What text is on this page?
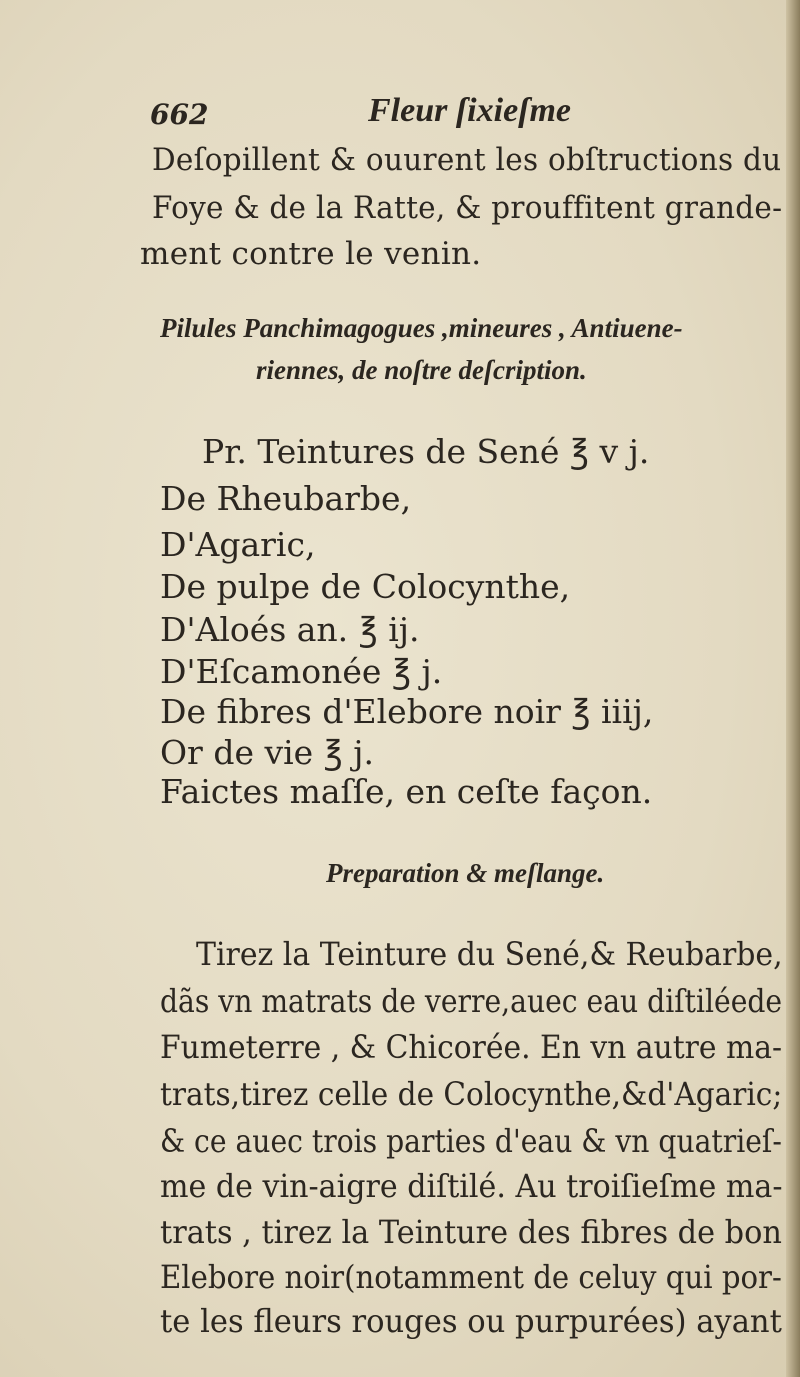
662	Fleur ſixieſme
Deſopillent & ouurent les obſtructions du
Foye & de la Ratte, & prouffitent grande-
ment contre le venin.
Pilules Panchimagogues ,mineures , Antiuene-
riennes, de noſtre deſcription.
Pr. Teintures de Sené ℥ v j.
De Rheubarbe,
D'Agaric,
De pulpe de Colocynthe,
D'Aloés an. ℥ ij.
D'Eſcamonée ℥ j.
De fibres d'Elebore noir ℥ iiij,
Or de vie ℥ j.
Faictes maſſe, en ceſte façon.
Preparation & meſlange.
Tirez la Teinture du Sené,& Reubarbe,
dãs vn matrats de verre,auec eau diſtiléede
Fumeterre , & Chicorée. En vn autre ma-
trats,tirez celle de Colocynthe,&d'Agaric;
& ce auec trois parties d'eau & vn quatrieſ-
me de vin-aigre diſtilé. Au troiſieſme ma-
trats , tirez la Teinture des fibres de bon
Elebore noir(notamment de celuy qui por-
te les fleurs rouges ou purpurées) ayant
